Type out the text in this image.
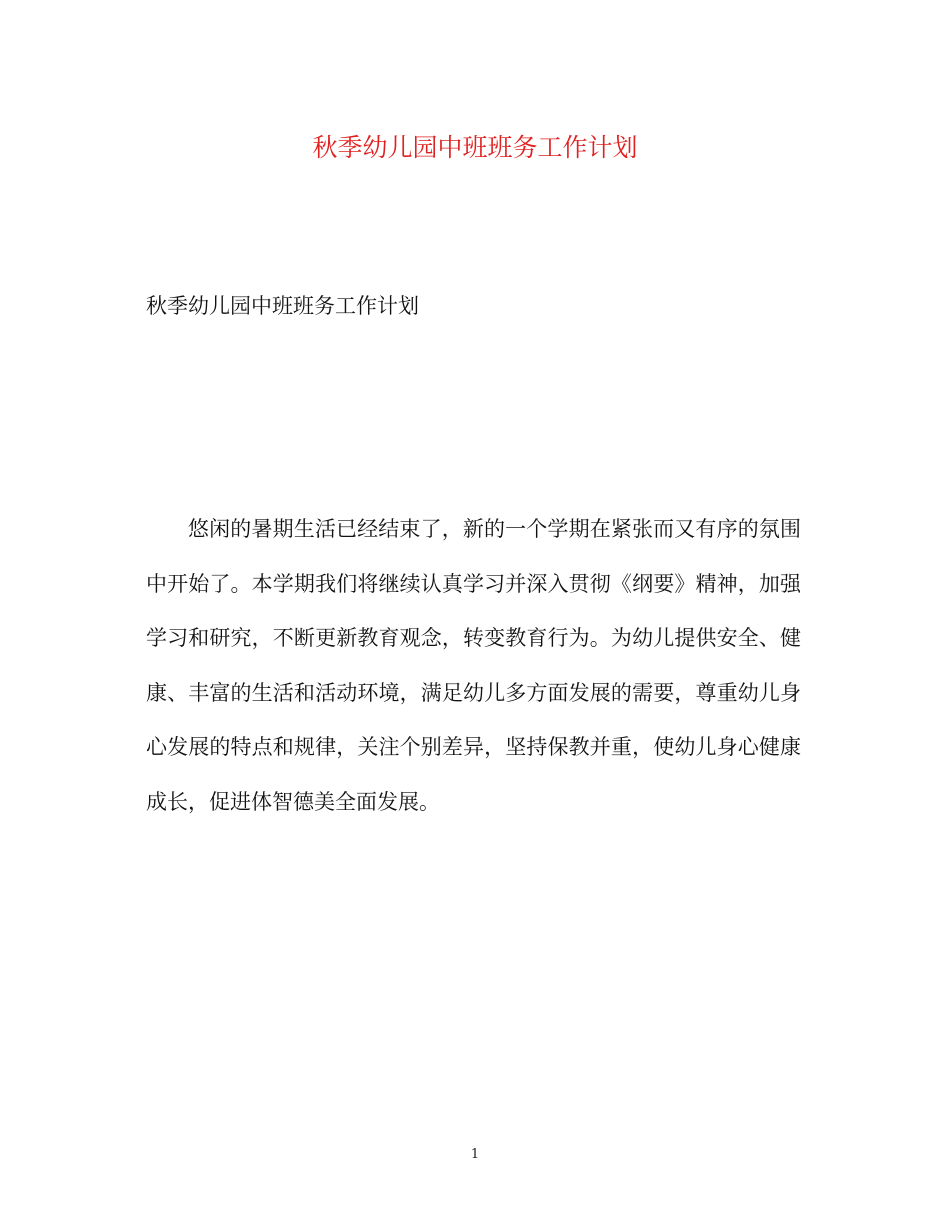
秋季幼儿园中班班务工作计划

秋季幼儿园中班班务工作计划

悠闲的暑期生活已经结束了，新的一个学期在紧张而又有序的氛围中开始了。本学期我们将继续认真学习并深入贯彻《纲要》精神，加强学习和研究，不断更新教育观念，转变教育行为。为幼儿提供安全、健康、丰富的生活和活动环境，满足幼儿多方面发展的需要，尊重幼儿身心发展的特点和规律，关注个别差异，坚持保教并重，使幼儿身心健康成长，促进体智德美全面发展。

1
